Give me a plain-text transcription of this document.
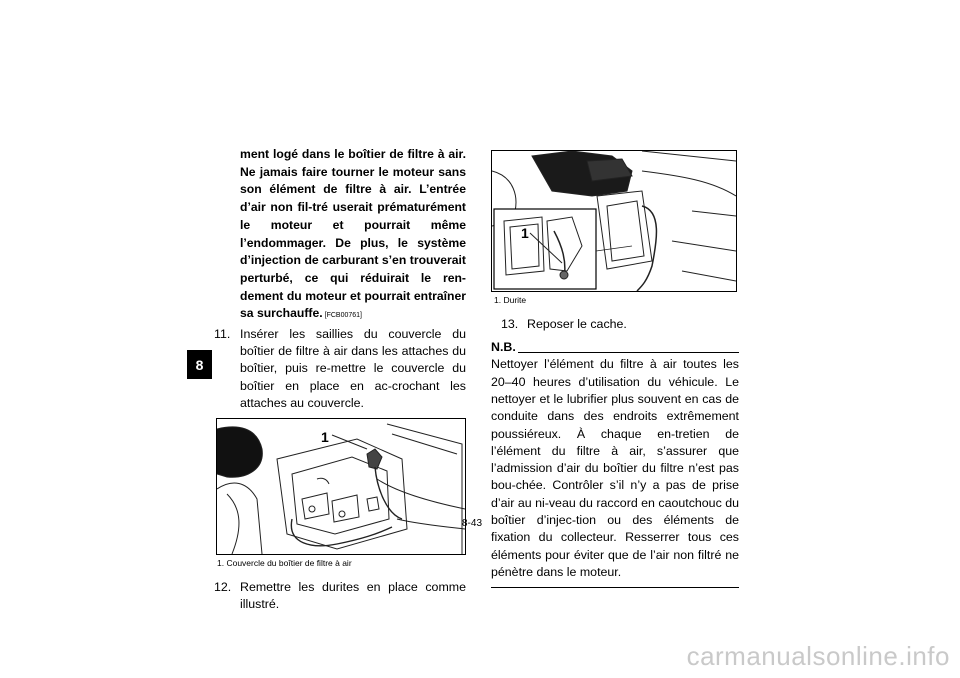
8
ment logé dans le boîtier de filtre à air. Ne jamais faire tourner le moteur sans son élément de filtre à air. L’entrée d’air non fil-tré userait prématurément le moteur et pourrait même l’endommager. De plus, le système d’injection de carburant s’en trouverait perturbé, ce qui réduirait le ren-dement du moteur et pourrait entraîner sa surchauffe. [FCB00761]
11. Insérer les saillies du couvercle du boîtier de filtre à air dans les attaches du boîtier, puis re-mettre le couvercle du boîtier en place en ac-crochant les attaches au couvercle.
1
1. Couvercle du boîtier de filtre à air
12. Remettre les durites en place comme illustré.
1
1. Durite
13. Reposer le cache.
N.B.
Nettoyer l’élément du filtre à air toutes les 20–40 heures d’utilisation du véhicule. Le nettoyer et le lubrifier plus souvent en cas de conduite dans des endroits extrêmement poussiéreux. À chaque en-tretien de l’élément du filtre à air, s’assurer que l’admission d’air du boîtier du filtre n’est pas bou-chée. Contrôler s’il n’y a pas de prise d’air au ni-veau du raccord en caoutchouc du boîtier d’injec-tion ou des éléments de fixation du collecteur. Resserrer tous ces éléments pour éviter que de l’air non filtré ne pénètre dans le moteur.
8-43
carmanualsonline.info
